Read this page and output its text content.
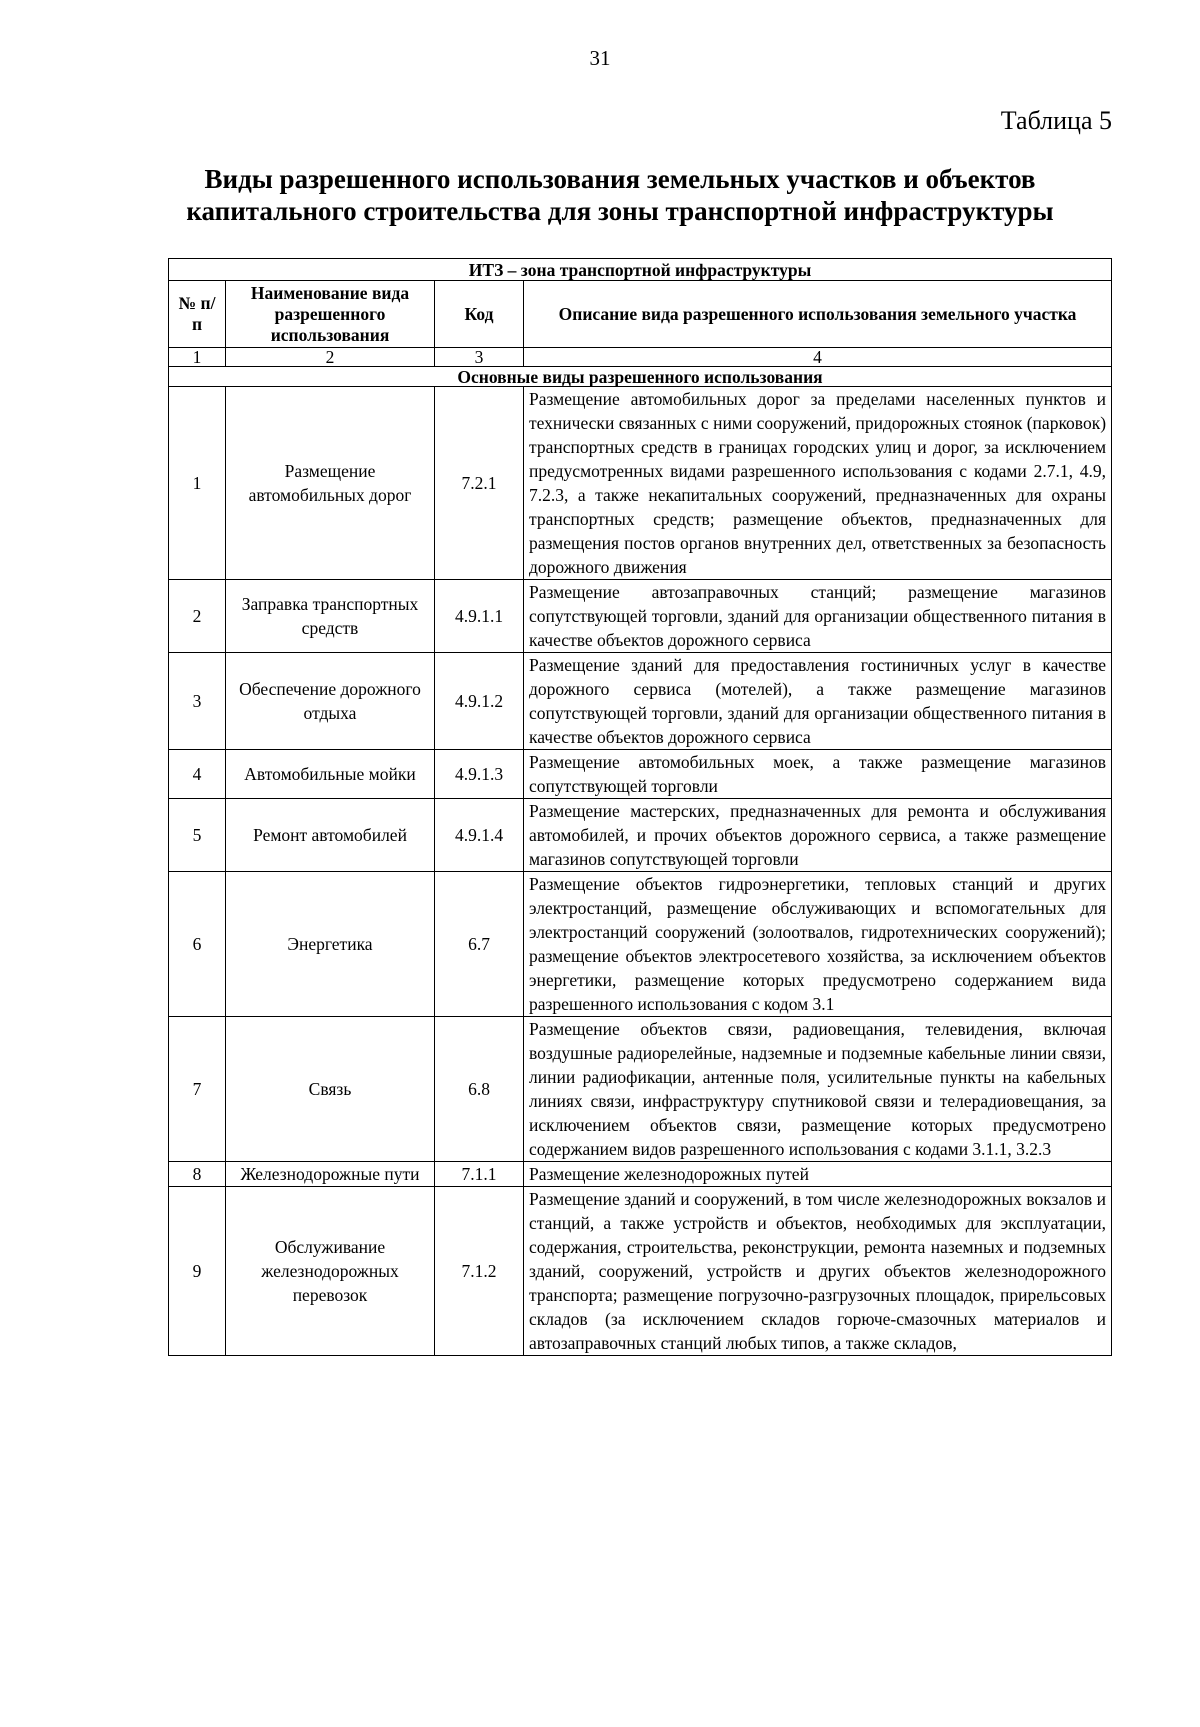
31
Таблица 5
Виды разрешенного использования земельных участков и объектов
капитального строительства для зоны транспортной инфраструктуры
ИТЗ – зона транспортной инфраструктуры			
№ п/п	Наименование вида разрешенного использования	Код	Описание вида разрешенного использования земельного участка
1	2	3	4
Основные виды разрешенного использования			
1	Размещение автомобильных дорог	7.2.1	Размещение автомобильных дорог за пределами населенных пунктов и технически связанных с ними сооружений, придорожных стоянок (парковок) транспортных средств в границах городских улиц и дорог, за исключением предусмотренных видами разрешенного использования с кодами 2.7.1, 4.9, 7.2.3, а также некапитальных сооружений, предназначенных для охраны транспортных средств; размещение объектов, предназначенных для размещения постов органов внутренних дел, ответственных за безопасность дорожного движения
2	Заправка транспортных средств	4.9.1.1	Размещение автозаправочных станций; размещение магазинов сопутствующей торговли, зданий для организации общественного питания в качестве объектов дорожного сервиса
3	Обеспечение дорожного отдыха	4.9.1.2	Размещение зданий для предоставления гостиничных услуг в качестве дорожного сервиса (мотелей), а также размещение магазинов сопутствующей торговли, зданий для организации общественного питания в качестве объектов дорожного сервиса
4	Автомобильные мойки	4.9.1.3	Размещение автомобильных моек, а также размещение магазинов сопутствующей торговли
5	Ремонт автомобилей	4.9.1.4	Размещение мастерских, предназначенных для ремонта и обслуживания автомобилей, и прочих объектов дорожного сервиса, а также размещение магазинов сопутствующей торговли
6	Энергетика	6.7	Размещение объектов гидроэнергетики, тепловых станций и других электростанций, размещение обслуживающих и вспомогательных для электростанций сооружений (золоотвалов, гидротехнических сооружений); размещение объектов электросетевого хозяйства, за исключением объектов энергетики, размещение которых предусмотрено содержанием вида разрешенного использования с кодом 3.1
7	Связь	6.8	Размещение объектов связи, радиовещания, телевидения, включая воздушные радиорелейные, надземные и подземные кабельные линии связи, линии радиофикации, антенные поля, усилительные пункты на кабельных линиях связи, инфраструктуру спутниковой связи и телерадиовещания, за исключением объектов связи, размещение которых предусмотрено содержанием видов разрешенного использования с кодами 3.1.1, 3.2.3
8	Железнодорожные пути	7.1.1	Размещение железнодорожных путей
9	Обслуживание железнодорожных перевозок	7.1.2	Размещение зданий и сооружений, в том числе железнодорожных вокзалов и станций, а также устройств и объектов, необходимых для эксплуатации, содержания, строительства, реконструкции, ремонта наземных и подземных зданий, сооружений, устройств и других объектов железнодорожного транспорта; размещение погрузочно-разгрузочных площадок, прирельсовых складов (за исключением складов горюче-смазочных материалов и автозаправочных станций любых типов, а также складов,
